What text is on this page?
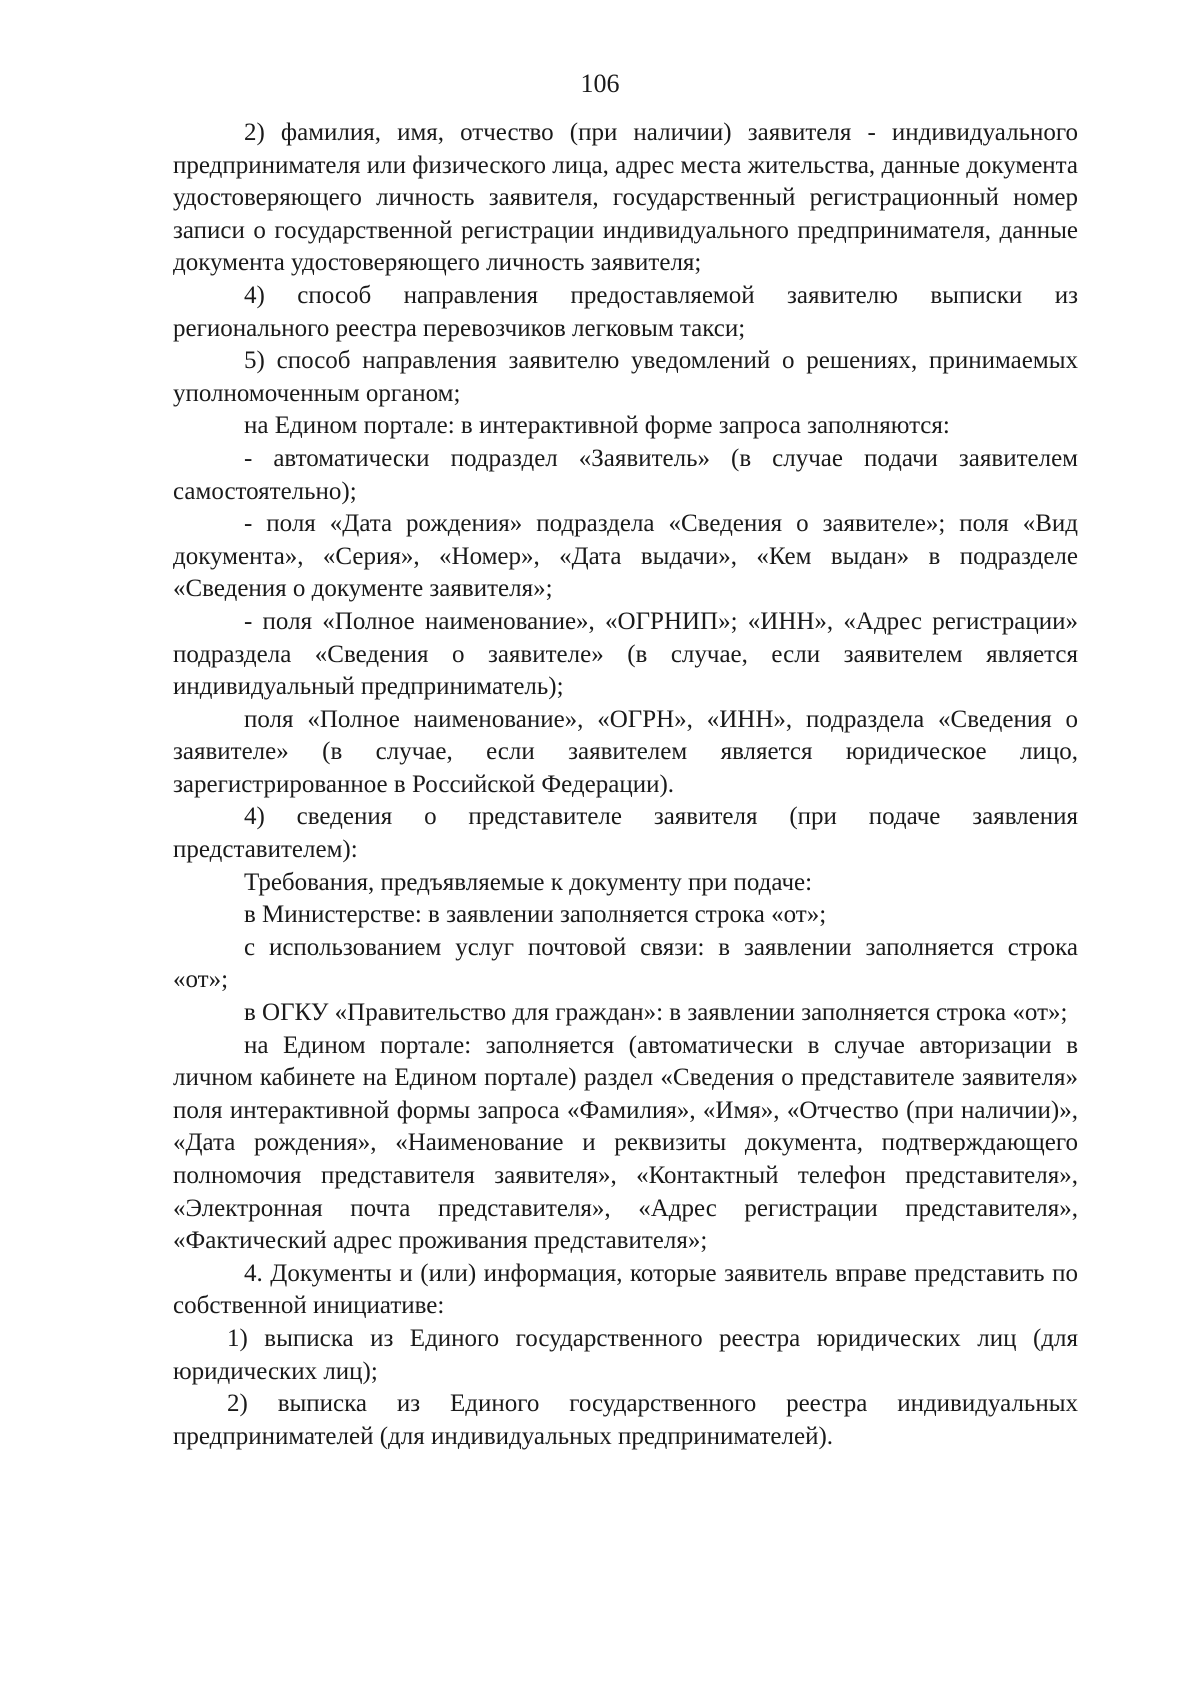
106

2) фамилия, имя, отчество (при наличии) заявителя - индивидуального предпринимателя или физического лица, адрес места жительства, данные документа удостоверяющего личность заявителя, государственный регистрационный номер записи о государственной регистрации индивидуального предпринимателя, данные документа удостоверяющего личность заявителя;

4) способ направления предоставляемой заявителю выписки из регионального реестра перевозчиков легковым такси;

5) способ направления заявителю уведомлений о решениях, принимаемых уполномоченным органом;

на Едином портале: в интерактивной форме запроса заполняются:

- автоматически подраздел «Заявитель» (в случае подачи заявителем самостоятельно);

- поля «Дата рождения» подраздела «Сведения о заявителе»; поля «Вид документа», «Серия», «Номер», «Дата выдачи», «Кем выдан» в подразделе «Сведения о документе заявителя»;

- поля «Полное наименование», «ОГРНИП»; «ИНН», «Адрес регистрации» подраздела «Сведения о заявителе» (в случае, если заявителем является индивидуальный предприниматель);

поля «Полное наименование», «ОГРН», «ИНН», подраздела «Сведения о заявителе» (в случае, если заявителем является юридическое лицо, зарегистрированное в Российской Федерации).

4) сведения о представителе заявителя (при подаче заявления представителем):

Требования, предъявляемые к документу при подаче:

в Министерстве: в заявлении заполняется строка «от»;

с использованием услуг почтовой связи: в заявлении заполняется строка «от»;

в ОГКУ «Правительство для граждан»: в заявлении заполняется строка «от»;

на Едином портале: заполняется (автоматически в случае авторизации в личном кабинете на Едином портале) раздел «Сведения о представителе заявителя» поля интерактивной формы запроса «Фамилия», «Имя», «Отчество (при наличии)», «Дата рождения», «Наименование и реквизиты документа, подтверждающего полномочия представителя заявителя», «Контактный телефон представителя», «Электронная почта представителя», «Адрес регистрации представителя», «Фактический адрес проживания представителя»;

4. Документы и (или) информация, которые заявитель вправе представить по собственной инициативе:

1) выписка из Единого государственного реестра юридических лиц (для юридических лиц);

2) выписка из Единого государственного реестра индивидуальных предпринимателей (для индивидуальных предпринимателей).
